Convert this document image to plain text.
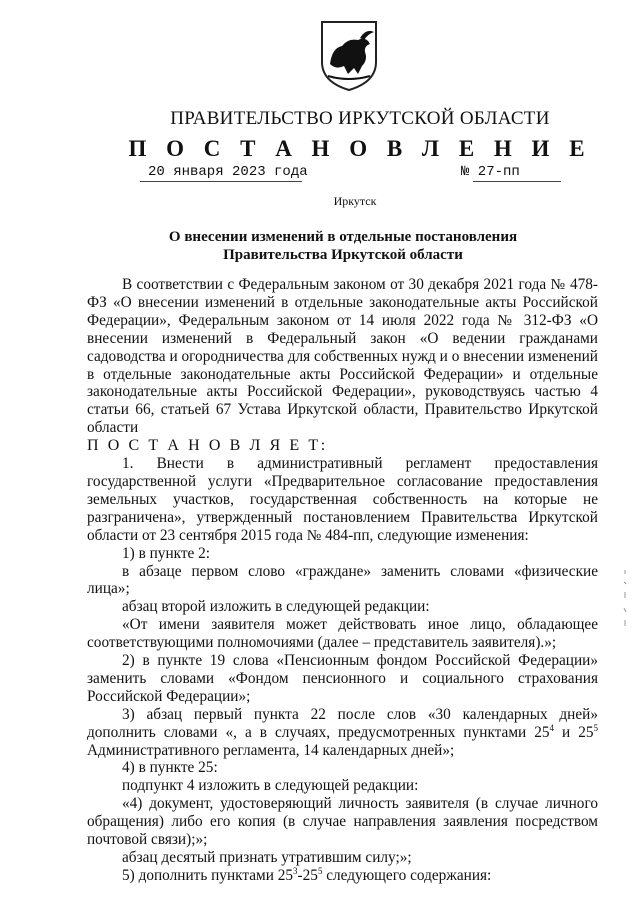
ПРАВИТЕЛЬСТВО ИРКУТСКОЙ ОБЛАСТИ
П О С Т А Н О В Л Е Н И Е
20 января 2023 года	№ 27-пп
Иркутск
О внесении изменений в отдельные постановления
Правительства Иркутской области

В соответствии с Федеральным законом от 30 декабря 2021 года № 478-ФЗ «О внесении изменений в отдельные законодательные акты Российской Федерации», Федеральным законом от 14 июля 2022 года № 312-ФЗ «О внесении изменений в Федеральный закон «О ведении гражданами садоводства и огородничества для собственных нужд и о внесении изменений в отдельные законодательные акты Российской Федерации» и отдельные законодательные акты Российской Федерации», руководствуясь частью 4 статьи 66, статьей 67 Устава Иркутской области, Правительство Иркутской области

П О С Т А Н О В Л Я Е Т:

1. Внести в административный регламент предоставления государственной услуги «Предварительное согласование предоставления земельных участков, государственная собственность на которые не разграничена», утвержденный постановлением Правительства Иркутской области от 23 сентября 2015 года № 484-пп, следующие изменения:

1) в пункте 2:

в абзаце первом слово «граждане» заменить словами «физические лица»;

абзац второй изложить в следующей редакции:

«От имени заявителя может действовать иное лицо, обладающее соответствующими полномочиями (далее – представитель заявителя).»;

2) в пункте 19 слова «Пенсионным фондом Российской Федерации» заменить словами «Фондом пенсионного и социального страхования Российской Федерации»;

3) абзац первый пункта 22 после слов «30 календарных дней» дополнить словами «, а в случаях, предусмотренных пунктами $25^4$ и $25^5$ Административного регламента, 14 календарных дней»;

4) в пункте 25:

подпункт 4 изложить в следующей редакции:

«4) документ, удостоверяющий личность заявителя (в случае личного обращения) либо его копия (в случае направления заявления посредством почтовой связи);»;

абзац десятый признать утратившим силу;»;

5) дополнить пунктами $25^3-25^5$ следующего содержания:
